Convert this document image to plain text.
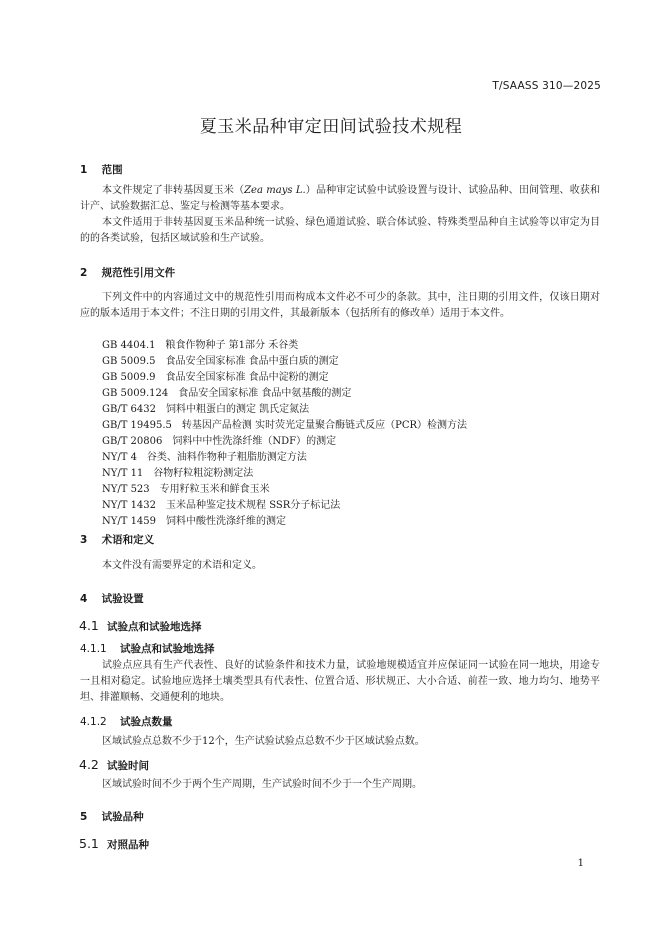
T/SAASS 310—2025
夏玉米品种审定田间试验技术规程
1 范围

本文件规定了非转基因夏玉米（Zea mays L.）品种审定试验中试验设置与设计、试验品种、田间管理、收获和计产、试验数据汇总、鉴定与检测等基本要求。

本文件适用于非转基因夏玉米品种统一试验、绿色通道试验、联合体试验、特殊类型品种自主试验等以审定为目的的各类试验，包括区域试验和生产试验。

2 规范性引用文件

下列文件中的内容通过文中的规范性引用而构成本文件必不可少的条款。其中，注日期的引用文件，仅该日期对应的版本适用于本文件；不注日期的引用文件，其最新版本（包括所有的修改单）适用于本文件。

GB 4404.1　粮食作物种子 第1部分 禾谷类
GB 5009.5　食品安全国家标准 食品中蛋白质的测定
GB 5009.9　食品安全国家标准 食品中淀粉的测定
GB 5009.124　食品安全国家标准 食品中氨基酸的测定
GB/T 6432　饲料中粗蛋白的测定 凯氏定氮法
GB/T 19495.5　转基因产品检测 实时荧光定量聚合酶链式反应（PCR）检测方法
GB/T 20806　饲料中中性洗涤纤维（NDF）的测定
NY/T 4　谷类、油料作物种子粗脂肪测定方法
NY/T 11　谷物籽粒粗淀粉测定法
NY/T 523　专用籽粒玉米和鲜食玉米
NY/T 1432　玉米品种鉴定技术规程 SSR分子标记法
NY/T 1459　饲料中酸性洗涤纤维的测定
3 术语和定义

本文件没有需要界定的术语和定义。

4 试验设置
4.1 试验点和试验地选择
4.1.1 试验点和试验地选择

试验点应具有生产代表性、良好的试验条件和技术力量，试验地规模适宜并应保证同一试验在同一地块，用途专一且相对稳定。试验地应选择土壤类型具有代表性、位置合适、形状规正、大小合适、前茬一致、地力均匀、地势平坦、排灌顺畅、交通便利的地块。

4.1.2 试验点数量

区域试验点总数不少于12个，生产试验试验点总数不少于区域试验点数。

4.2 试验时间

区域试验时间不少于两个生产周期，生产试验时间不少于一个生产周期。

5 试验品种
5.1 对照品种
1
